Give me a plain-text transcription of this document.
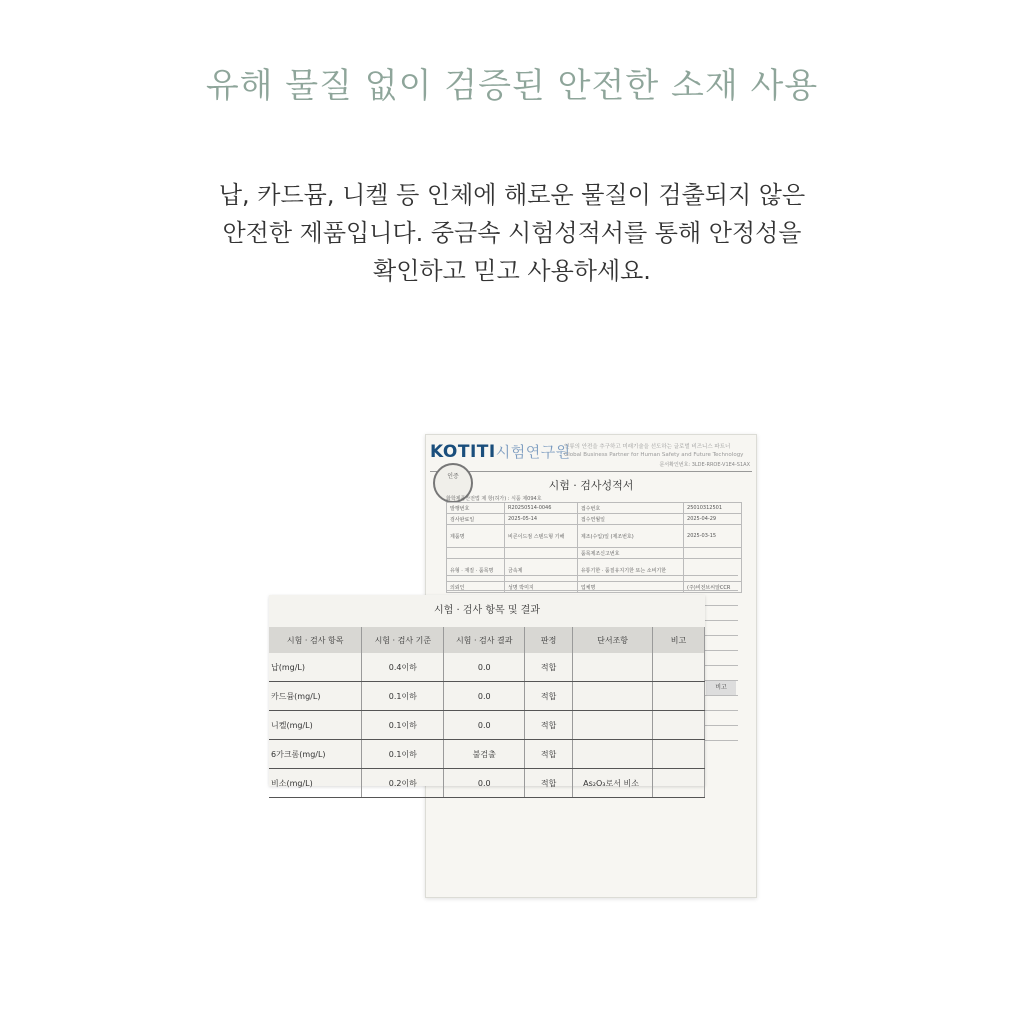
유해 물질 없이 검증된 안전한 소재 사용
납, 카드뮴, 니켈 등 인체에 해로운 물질이 검출되지 않은
안전한 제품입니다. 중금속 시험성적서를 통해 안정성을
확인하고 믿고 사용하세요.
KOTITI시험연구원
인류의 안전을 추구하고 미래기술을 선도하는 글로벌 비즈니스 파트너
Global Business Partner for Human Safety and Future Technology
문서확인번호: 3LDE-RROE-V1E4-S1AX
인증
시험 · 검사성적서
화학제품안전법 제 항(허가) : 식품 제094호
발행번호	R20250514-0046	접수번호	25010312501
검사완료일	2025-05-14	접수연월일	2025-04-29
제품명	비콘이드점 스텐드형 기해	제조(수입)일 (제조번호)	2025-03-15
		품목제조신고번호	
유형 · 재질 · 품목명	금속제	유통기한 · 품질유지기한 또는 소비기한	
의뢰인	성명 박미지	업체명	(주)비전브씨알CCR
비고
시험 · 검사 항목 및 결과
시험 · 검사 항목	시험 · 검사 기준	시험 · 검사 결과	판정	단서조항	비고
납(mg/L)	0.4이하	0.0	적합		
카드뮴(mg/L)	0.1이하	0.0	적합		
니켈(mg/L)	0.1이하	0.0	적합		
6가크롬(mg/L)	0.1이하	불검출	적합		
비소(mg/L)	0.2이하	0.0	적합	As₂O₃로서 비소	
